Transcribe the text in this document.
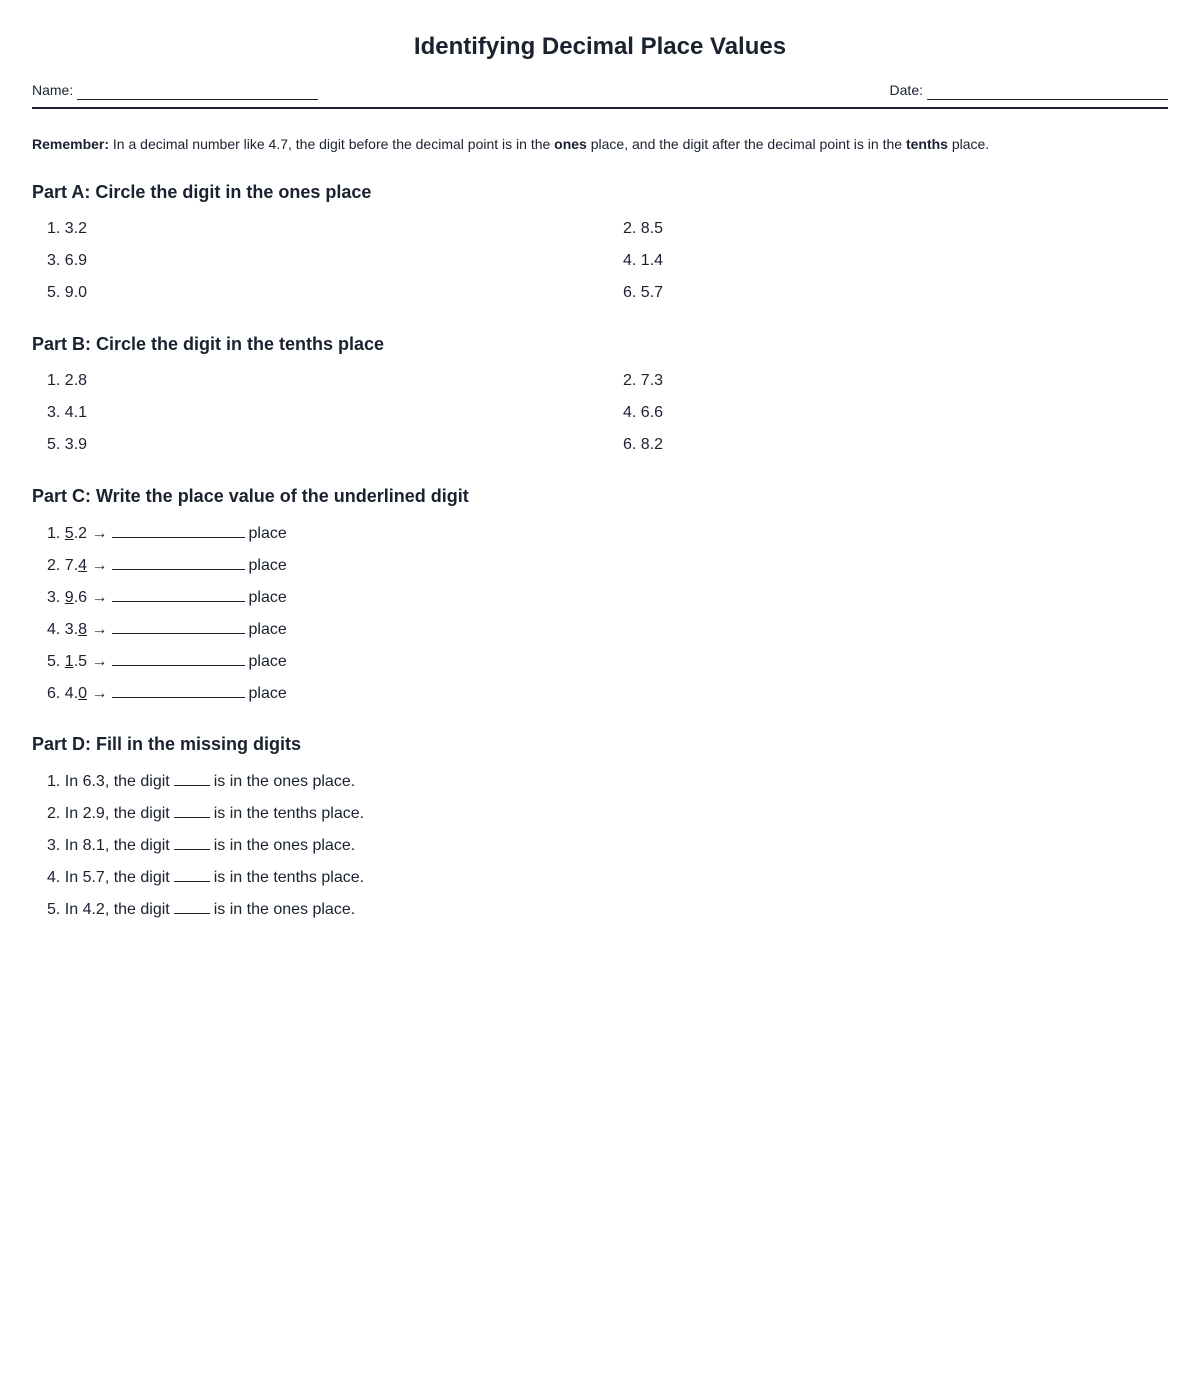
Identifying Decimal Place Values
Name:	Date:
Remember: In a decimal number like 4.7, the digit before the decimal point is in the ones place, and the digit after the decimal point is in the tenths place.
Part A: Circle the digit in the ones place
1. 3.2	2. 8.5
3. 6.9	4. 1.4
5. 9.0	6. 5.7
Part B: Circle the digit in the tenths place
1. 2.8	2. 7.3
3. 4.1	4. 6.6
5. 3.9	6. 8.2
Part C: Write the place value of the underlined digit
1. 5.2 →	place
2. 7.4 →	place
3. 9.6 →	place
4. 3.8 →	place
5. 1.5 →	place
6. 4.0 →	place
Part D: Fill in the missing digits
1. In 6.3, the digit	is in the ones place.
2. In 2.9, the digit	is in the tenths place.
3. In 8.1, the digit	is in the ones place.
4. In 5.7, the digit	is in the tenths place.
5. In 4.2, the digit	is in the ones place.
